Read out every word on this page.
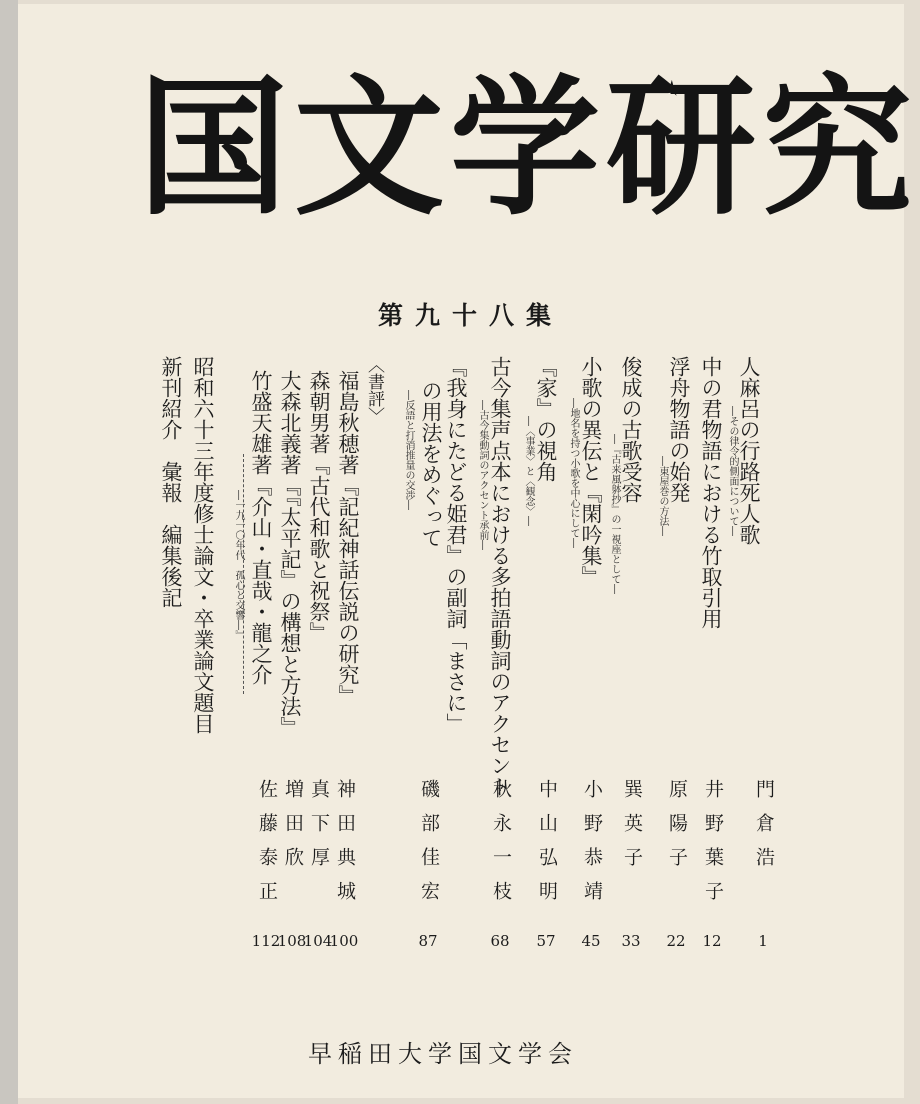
国文学研究
第九十八集
人麻呂の行路死人歌
―その律令的側面について―
中の君物語における竹取引用
浮舟物語の始発
―東屋巻の方法―
俊成の古歌受容
―『古来風躰抄』の一視座として―
小歌の異伝と『閑吟集』
―地名を持つ小歌を中心にして―
『家』の視角
―〈事業〉と〈観念〉―
古今集声点本における多拍語動詞のアクセント
―古今集動詞のアクセント承前―
『我身にたどる姫君』の副詞「まさに」
の用法をめぐって
―反語と打消推量の交渉―
〈書評〉
福島秋穂著『記紀神話伝説の研究』
森朝男著『古代和歌と祝祭』
大森北義著『『太平記』の構想と方法』
竹盛天雄著『介山・直哉・龍之介
―一九一〇年代　孤心と交響―』
昭和六十三年度修士論文・卒業論文題目
新刊紹介　彙報　編集後記
門倉浩
井野葉子
原陽子
巽英子
小野恭靖
中山弘明
秋永一枝
磯部佳宏
神田典城
真下厚
増田欣
佐藤泰正
1
12
22
33
45
57
68
87
100
104
108
112
早稲田大学国文学会
